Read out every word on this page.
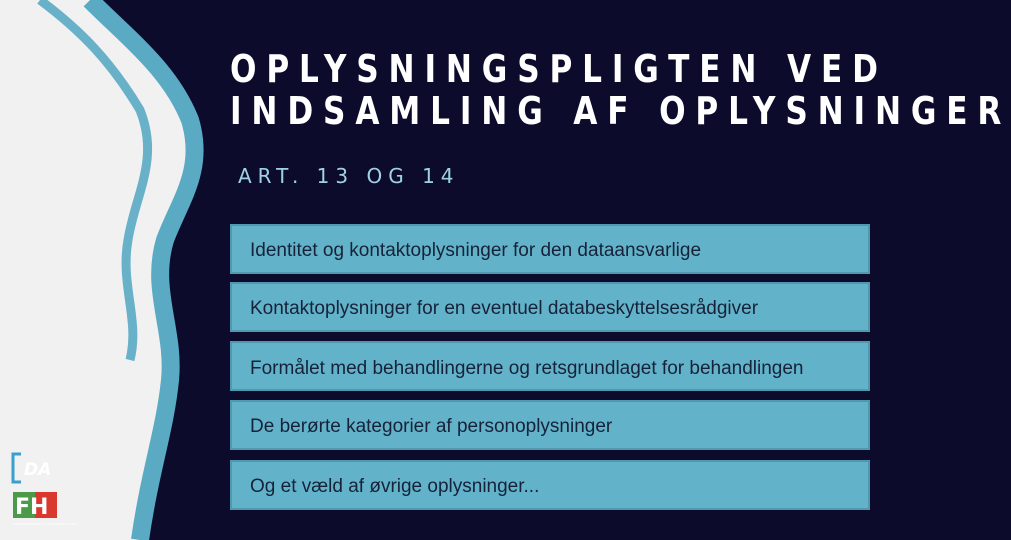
OPLYSNINGSPLIGTEN VED
INDSAMLING AF OPLYSNINGER
ART. 13 OG 14
Identitet og kontaktoplysninger for den dataansvarlige
Kontaktoplysninger for en eventuel databeskyttelsesrådgiver
Formålet med behandlingerne og retsgrundlaget for behandlingen
De berørte kategorier af personoplysninger
Og et væld af øvrige oplysninger...
DA
FH
FAGBEVÆGELSENS HOVEDORGANISATION
